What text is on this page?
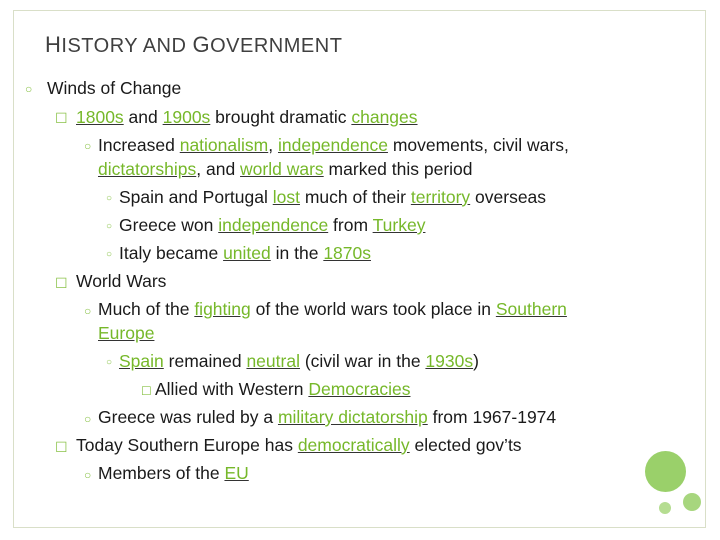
HISTORY AND GOVERNMENT
○ Winds of Change
☐ 1800s and 1900s brought dramatic changes
○ Increased nationalism, independence movements, civil wars,
dictatorships, and world wars marked this period
○ Spain and Portugal lost much of their territory overseas
○ Greece won independence from Turkey
○ Italy became united in the 1870s
☐ World Wars
○ Much of the fighting of the world wars took place in Southern
Europe
○ Spain remained neutral (civil war in the 1930s)
☐ Allied with Western Democracies
○ Greece was ruled by a military dictatorship from 1967-1974
☐ Today Southern Europe has democratically elected gov’ts
○ Members of the EU
